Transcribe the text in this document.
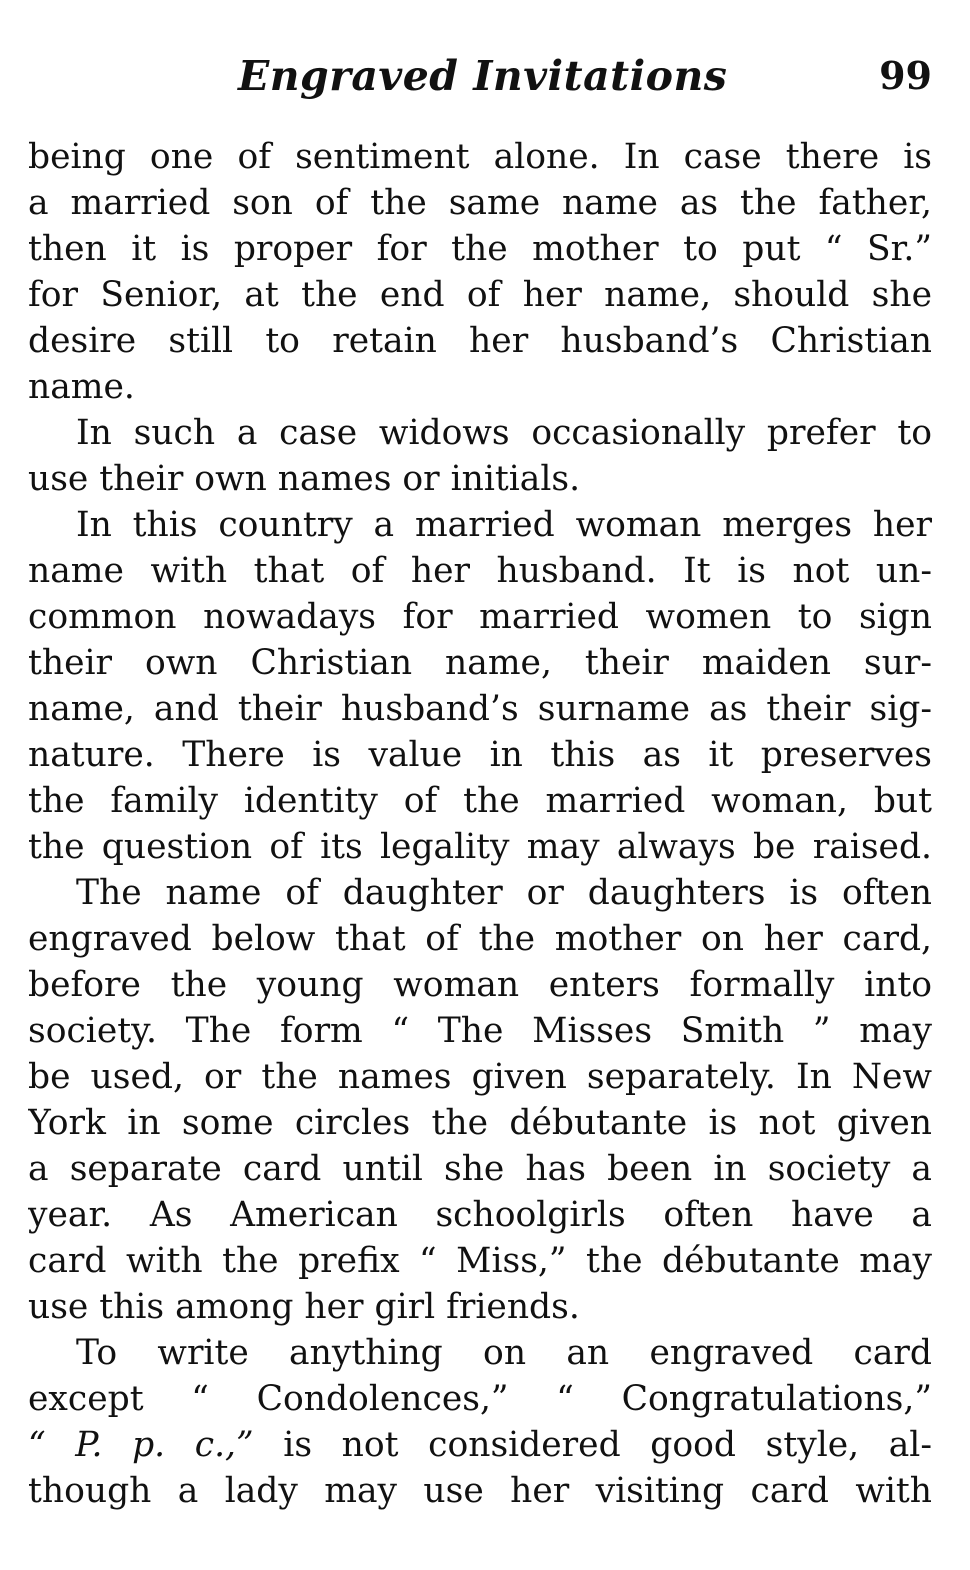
Engraved Invitations	99
being one of sentiment alone. In case there is
a married son of the same name as the father,
then it is proper for the mother to put “ Sr.”
for Senior, at the end of her name, should she
desire still to retain her husband’s Christian
name.
In such a case widows occasionally prefer to
use their own names or initials.
In this country a married woman merges her
name with that of her husband. It is not un-
common nowadays for married women to sign
their own Christian name, their maiden sur-
name, and their husband’s surname as their sig-
nature. There is value in this as it preserves
the family identity of the married woman, but
the question of its legality may always be raised.
The name of daughter or daughters is often
engraved below that of the mother on her card,
before the young woman enters formally into
society. The form “ The Misses Smith ” may
be used, or the names given separately. In New
York in some circles the débutante is not given
a separate card until she has been in society a
year. As American schoolgirls often have a
card with the prefix “ Miss,” the débutante may
use this among her girl friends.
To write anything on an engraved card
except “ Condolences,” “ Congratulations,”
“ P. p. c.,” is not considered good style, al-
though a lady may use her visiting card with
